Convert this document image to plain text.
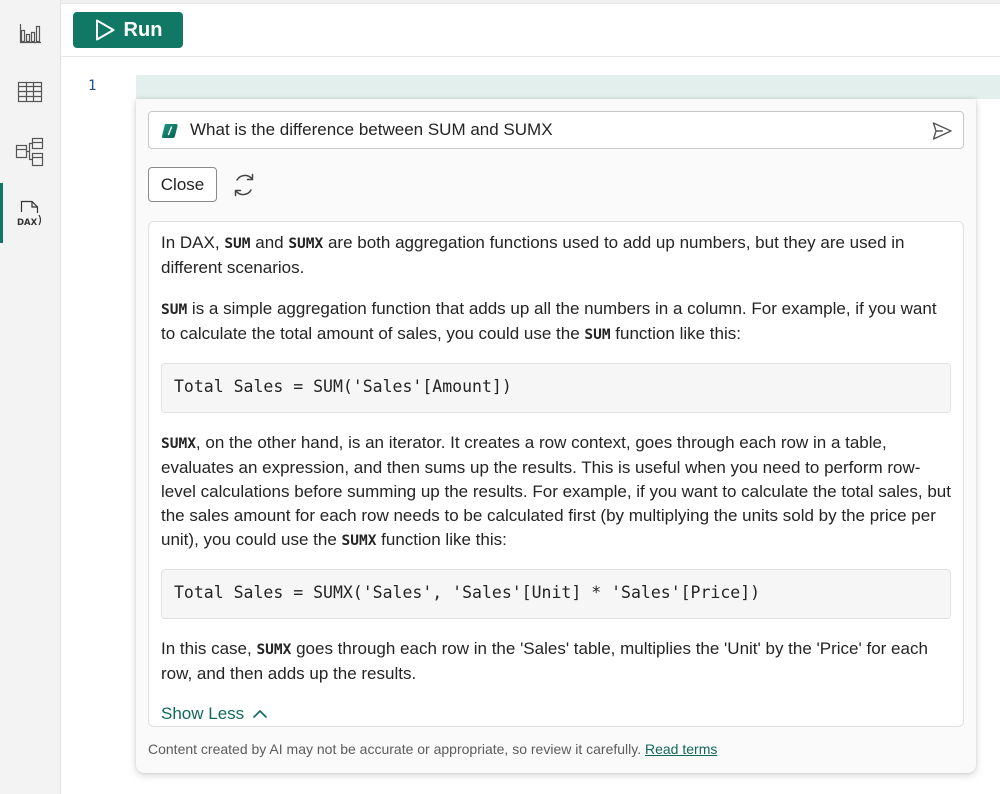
DAX
Run
1
What is the difference between SUM and SUMX
Close

In DAX, SUM and SUMX are both aggregation functions used to add up numbers, but they are used in different scenarios.

SUM is a simple aggregation function that adds up all the numbers in a column. For example, if you want to calculate the total amount of sales, you could use the SUM function like this:

Total Sales = SUM('Sales'[Amount])

SUMX, on the other hand, is an iterator. It creates a row context, goes through each row in a table, evaluates an expression, and then sums up the results. This is useful when you need to perform row-level calculations before summing up the results. For example, if you want to calculate the total sales, but the sales amount for each row needs to be calculated first (by multiplying the units sold by the price per unit), you could use the SUMX function like this:

Total Sales = SUMX('Sales', 'Sales'[Unit] * 'Sales'[Price])

In this case, SUMX goes through each row in the 'Sales' table, multiplies the 'Unit' by the 'Price' for each row, and then adds up the results.

Show Less

Content created by AI may not be accurate or appropriate, so review it carefully. Read terms
